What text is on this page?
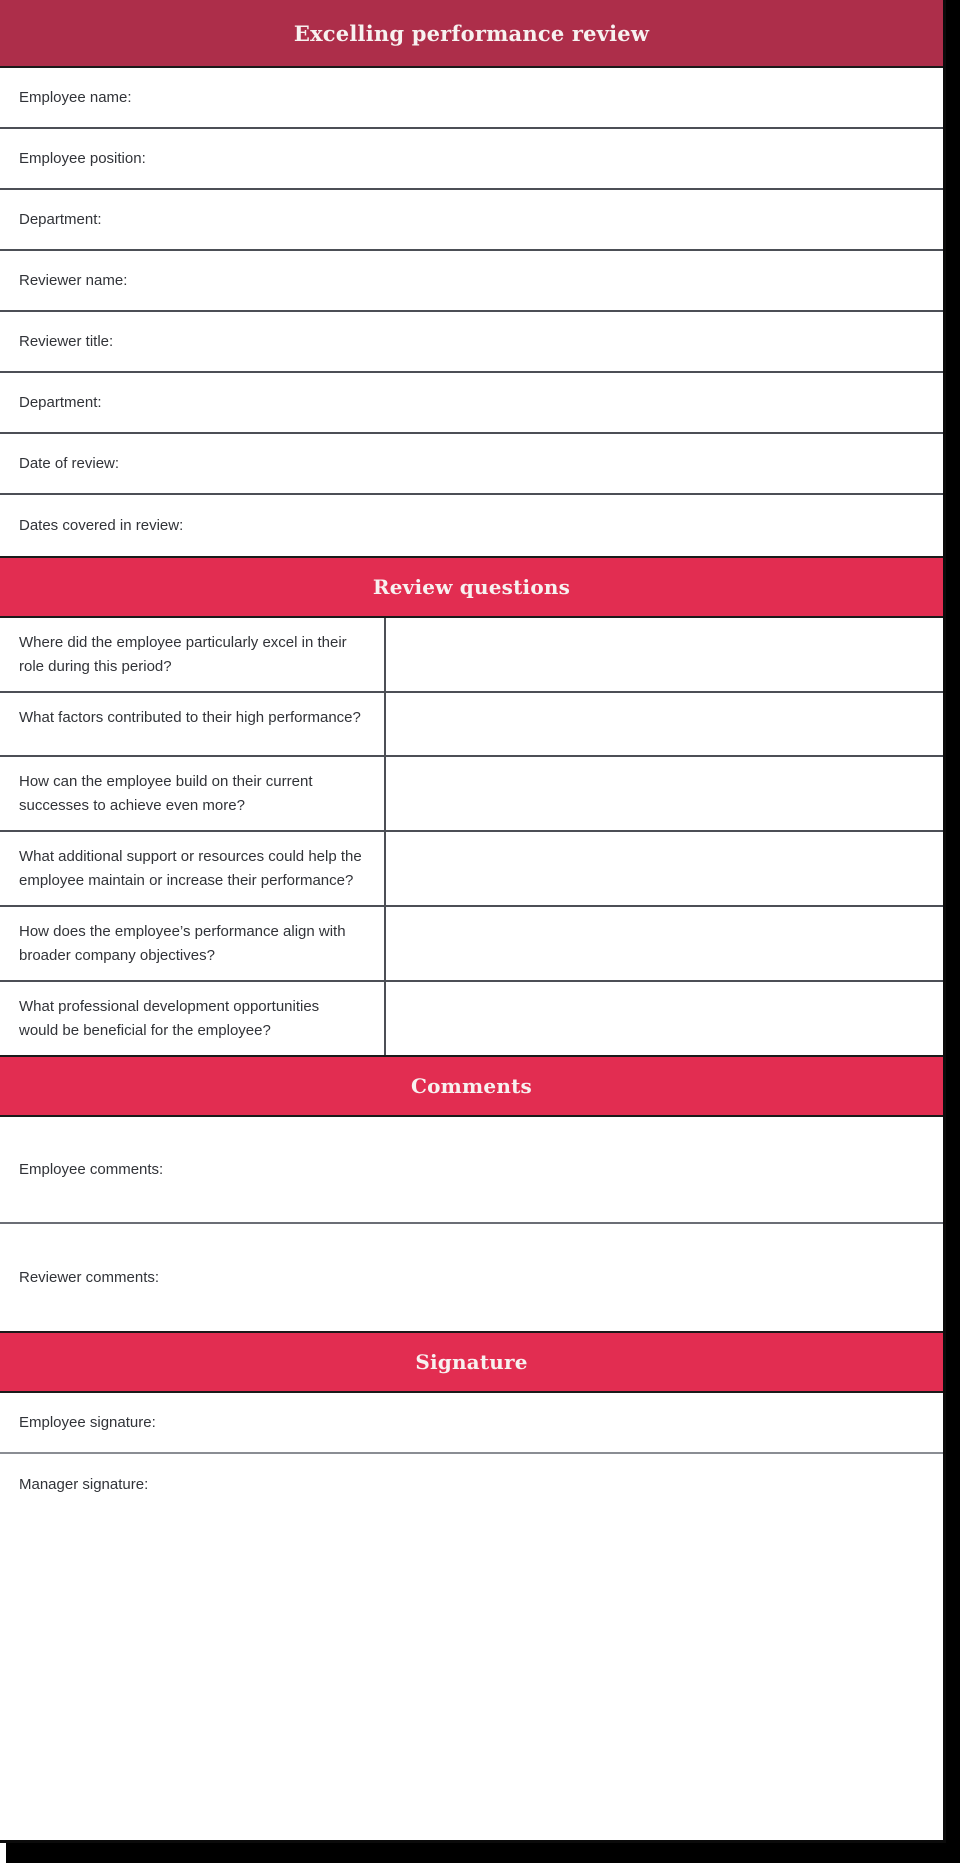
Excelling performance review
Employee name:
Employee position:
Department:
Reviewer name:
Reviewer title:
Department:
Date of review:
Dates covered in review:
Review questions
Where did the employee particularly excel in their role during this period?
What factors contributed to their high performance?
How can the employee build on their current successes to achieve even more?
What additional support or resources could help the employee maintain or increase their performance?
How does the employee’s performance align with broader company objectives?
What professional development opportunities would be beneficial for the employee?
Comments
Employee comments:
Reviewer comments:
Signature
Employee signature:
Manager signature:
